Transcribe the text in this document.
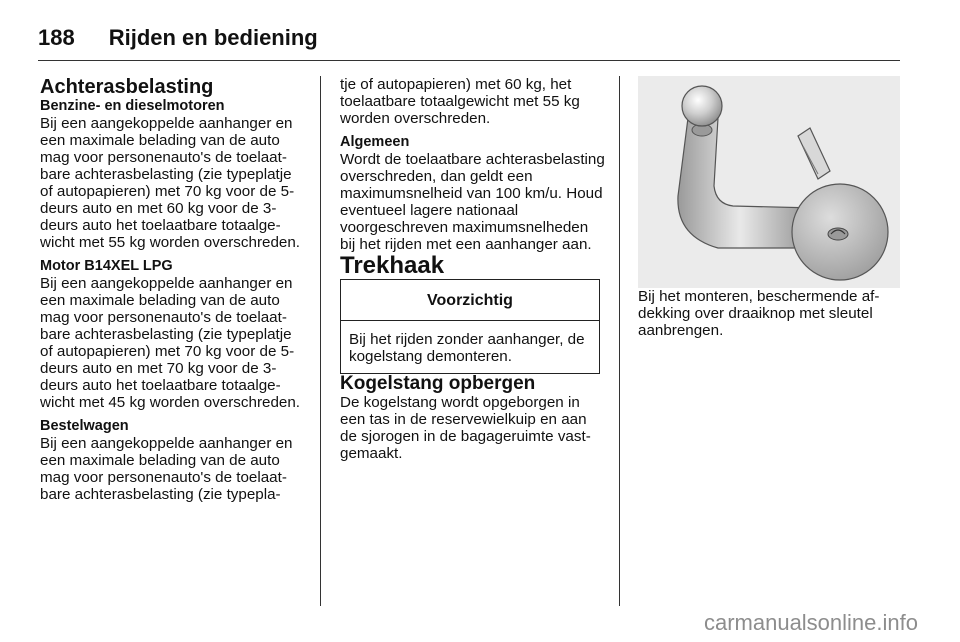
188 Rijden en bediening

Achterasbelasting

Benzine- en dieselmotoren

Bij een aangekoppelde aanhanger en een maximale belading van de auto mag voor personenauto's de toelaatbare achterasbelasting (zie typeplatje of autopapieren) met 70 kg voor de 5-deurs auto en met 60 kg voor de 3-deurs auto het toelaatbare totaalgewicht met 55 kg worden overschreden.

Motor B14XEL LPG

Bij een aangekoppelde aanhanger en een maximale belading van de auto mag voor personenauto's de toelaatbare achterasbelasting (zie typeplatje of autopapieren) met 70 kg voor de 5-deurs auto en met 70 kg voor de 3-deurs auto het toelaatbare totaalgewicht met 45 kg worden overschreden.

Bestelwagen

Bij een aangekoppelde aanhanger en een maximale belading van de auto mag voor personenauto's de toelaatbare achterasbelasting (zie typepla-

tje of autopapieren) met 60 kg, het toelaatbare totaalgewicht met 55 kg worden overschreden.

Algemeen

Wordt de toelaatbare achterasbelasting overschreden, dan geldt een maximumsnelheid van 100 km/u. Houd eventueel lagere nationaal voorgeschreven maximumsnelheden bij het rijden met een aanhanger aan.

Trekhaak

Voorzichtig
Bij het rijden zonder aanhanger, de kogelstang demonteren.

Kogelstang opbergen

De kogelstang wordt opgeborgen in een tas in de reservewielkuip en aan de sjorogen in de bagageruimte vastgemaakt.

Bij het monteren, beschermende afdekking over draaiknop met sleutel aanbrengen.

carmanualsonline.info
